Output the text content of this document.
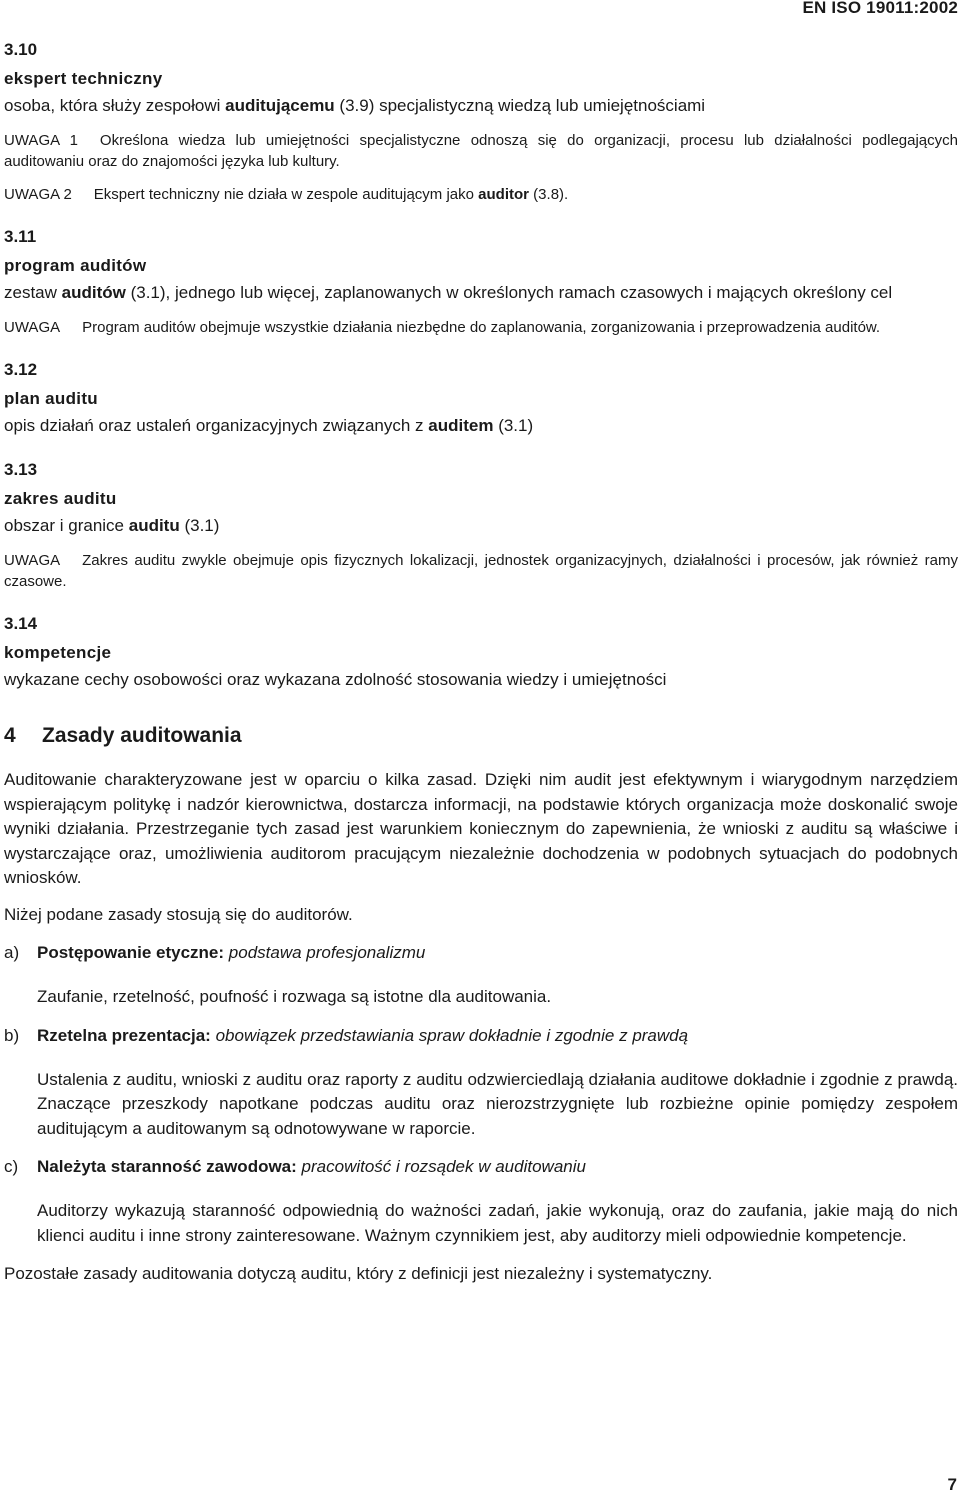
EN ISO 19011:2002

3.10

ekspert techniczny

osoba, która służy zespołowi auditującemu (3.9) specjalistyczną wiedzą lub umiejętnościami

UWAGA 1 Określona wiedza lub umiejętności specjalistyczne odnoszą się do organizacji, procesu lub działalności podlegających auditowaniu oraz do znajomości języka lub kultury.

UWAGA 2 Ekspert techniczny nie działa w zespole auditującym jako auditor (3.8).

3.11

program auditów

zestaw auditów (3.1), jednego lub więcej, zaplanowanych w określonych ramach czasowych i mających określony cel

UWAGA Program auditów obejmuje wszystkie działania niezbędne do zaplanowania, zorganizowania i przeprowadzenia auditów.

3.12

plan auditu

opis działań oraz ustaleń organizacyjnych związanych z auditem (3.1)

3.13

zakres auditu

obszar i granice auditu (3.1)

UWAGA Zakres auditu zwykle obejmuje opis fizycznych lokalizacji, jednostek organizacyjnych, działalności i procesów, jak również ramy czasowe.

3.14

kompetencje

wykazane cechy osobowości oraz wykazana zdolność stosowania wiedzy i umiejętności

4 Zasady auditowania

Auditowanie charakteryzowane jest w oparciu o kilka zasad. Dzięki nim audit jest efektywnym i wiarygodnym narzędziem wspierającym politykę i nadzór kierownictwa, dostarcza informacji, na podstawie których organizacja może doskonalić swoje wyniki działania. Przestrzeganie tych zasad jest warunkiem koniecznym do zapewnienia, że wnioski z auditu są właściwe i wystarczające oraz, umożliwienia auditorom pracującym niezależnie dochodzenia w podobnych sytuacjach do podobnych wniosków.

Niżej podane zasady stosują się do auditorów.

a)	Postępowanie etyczne: podstawa profesjonalizmu

Zaufanie, rzetelność, poufność i rozwaga są istotne dla auditowania.

b)	Rzetelna prezentacja: obowiązek przedstawiania spraw dokładnie i zgodnie z prawdą

Ustalenia z auditu, wnioski z auditu oraz raporty z auditu odzwierciedlają działania auditowe dokładnie i zgodnie z prawdą. Znaczące przeszkody napotkane podczas auditu oraz nierozstrzygnięte lub rozbieżne opinie pomiędzy zespołem auditującym a auditowanym są odnotowywane w raporcie.

c)	Należyta staranność zawodowa: pracowitość i rozsądek w auditowaniu

Auditorzy wykazują staranność odpowiednią do ważności zadań, jakie wykonują, oraz do zaufania, jakie mają do nich klienci auditu i inne strony zainteresowane. Ważnym czynnikiem jest, aby auditorzy mieli odpowiednie kompetencje.

Pozostałe zasady auditowania dotyczą auditu, który z definicji jest niezależny i systematyczny.

7
